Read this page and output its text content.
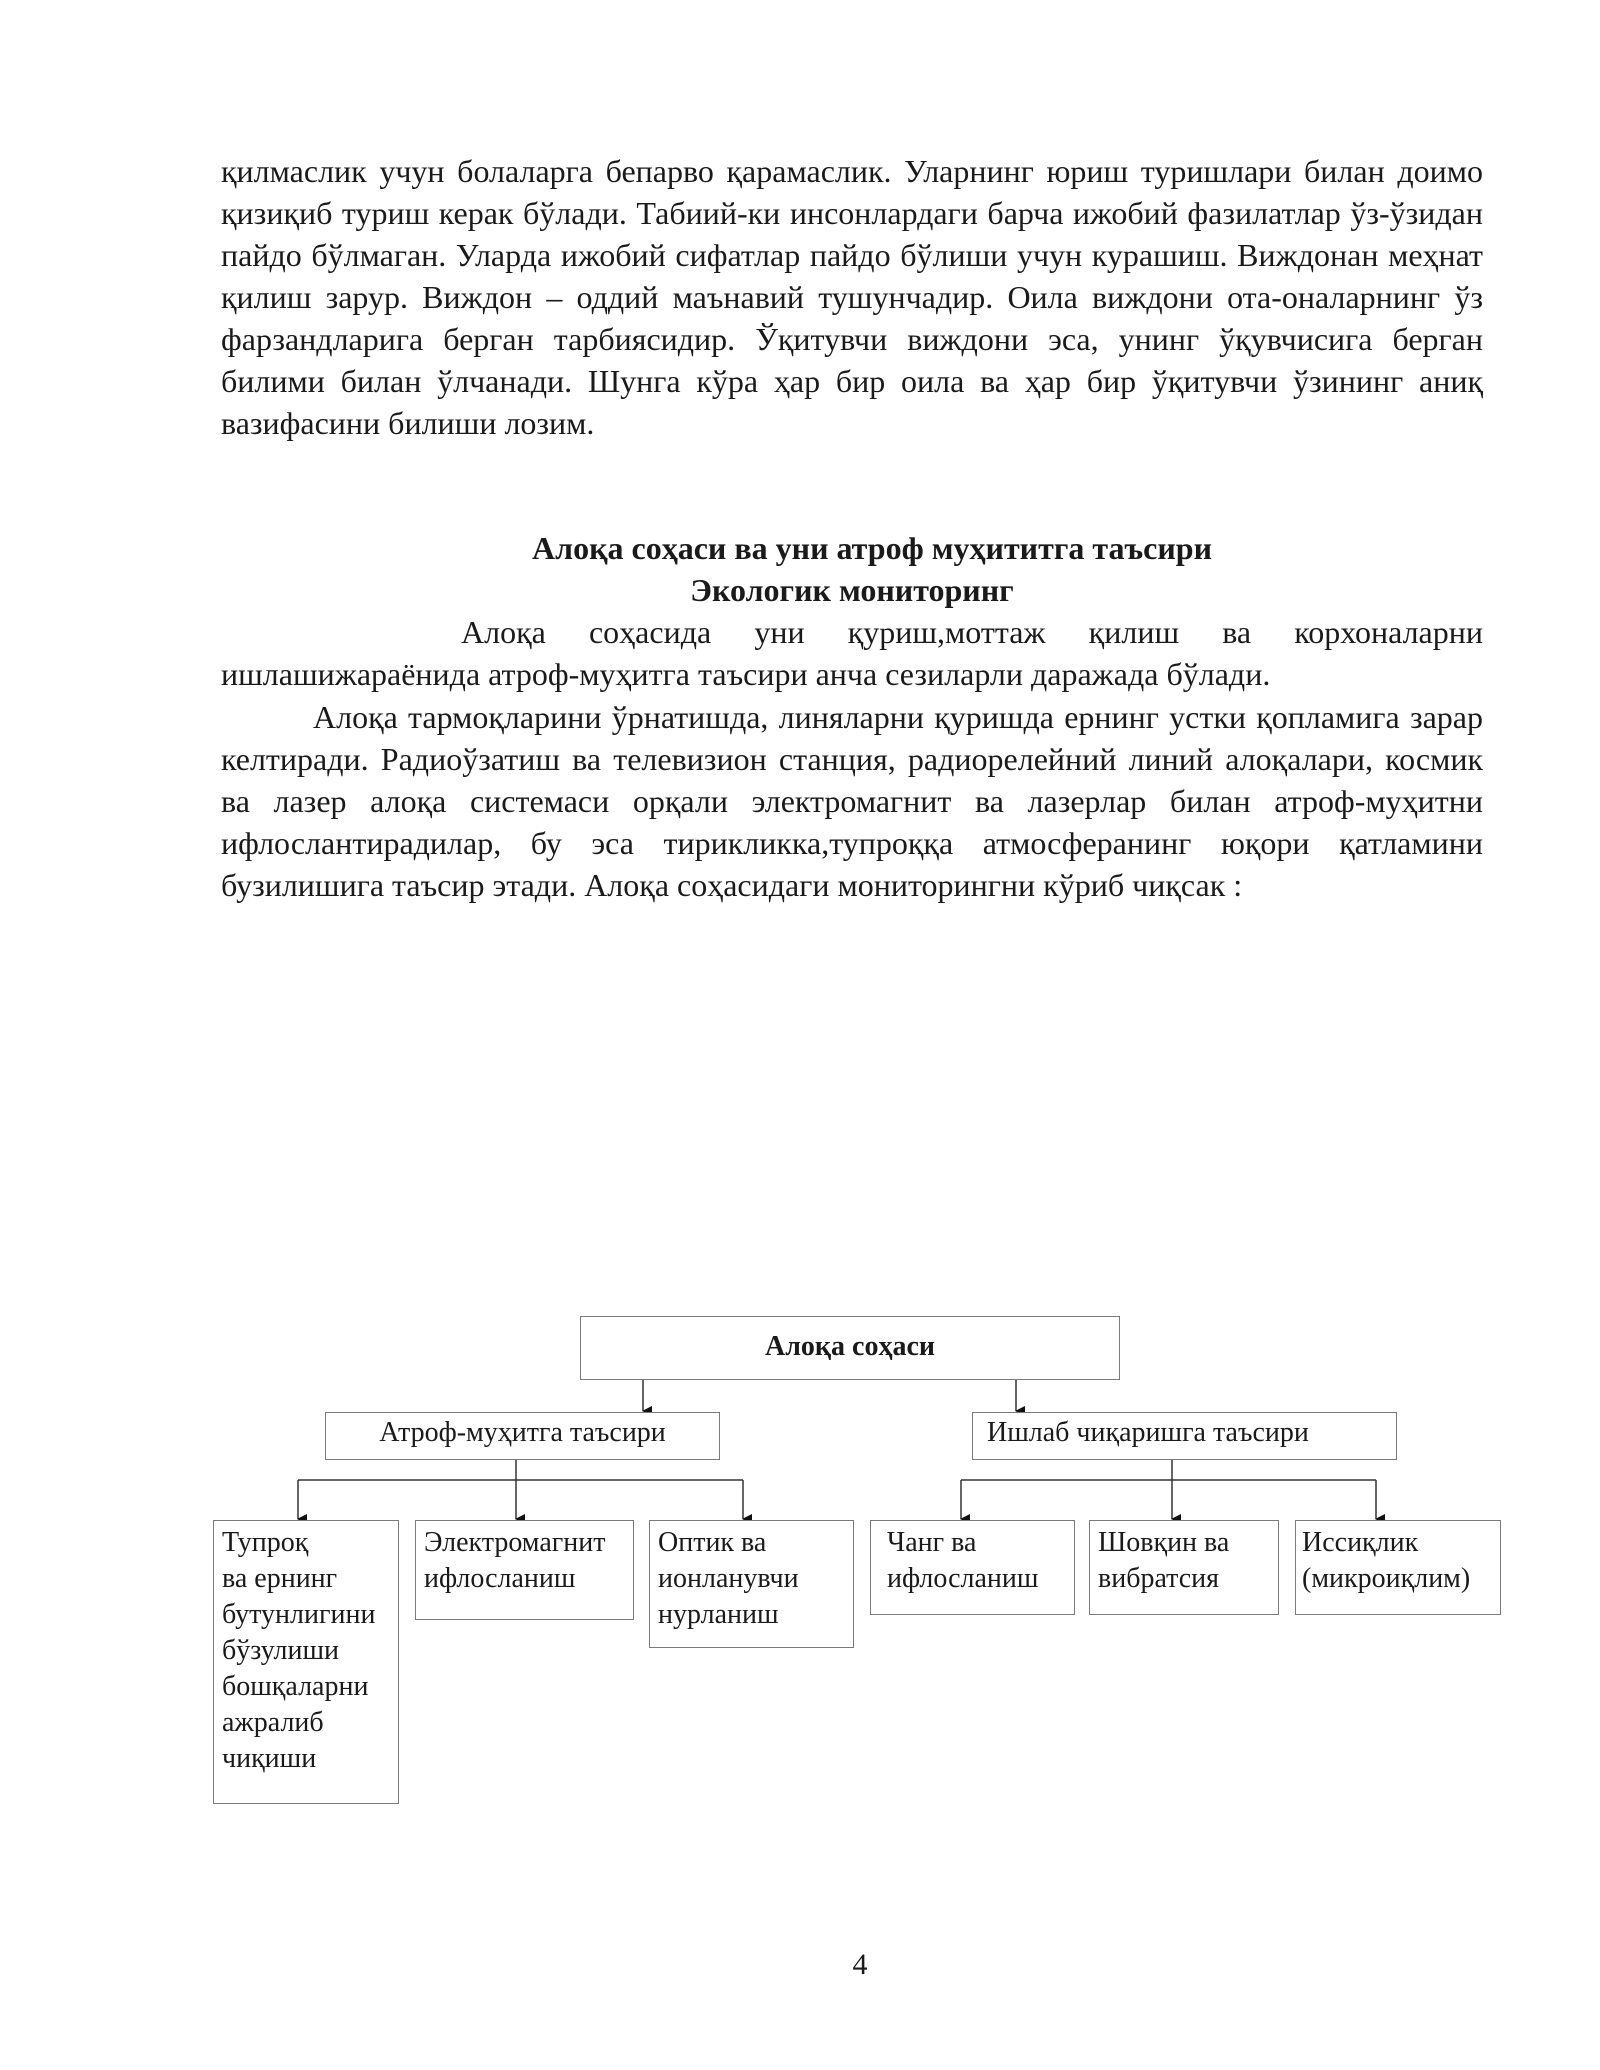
қилмаслик учун болаларга бепарво қарамаслик. Уларнинг юриш туришлари билан доимо қизиқиб туриш керак бўлади. Табиий-ки инсонлардаги барча ижобий фазилатлар ўз-ўзидан пайдо бўлмаган. Уларда ижобий сифатлар пайдо бўлиши учун курашиш. Виждонан меҳнат қилиш зарур. Виждон – оддий маънавий тушунчадир. Оила виждони ота-оналарнинг ўз фарзандларига берган тарбиясидир. Ўқитувчи виждони эса, унинг ўқувчисига берган билими билан ўлчанади. Шунга кўра ҳар бир оила ва ҳар бир ўқитувчи ўзининг аниқ вазифасини билиши лозим.

Алоқа соҳаси ва уни атроф муҳититга таъсири
Экологик мониторинг

Алоқа соҳасида уни қуриш,моттаж қилиш ва корхоналарни ишлашижараёнида атроф-муҳитга таъсири анча сезиларли даражада бўлади.

Алоқа тармоқларини ўрнатишда, линяларни қуришда ернинг устки қопламига зарар келтиради. Радиоўзатиш ва телевизион станция, радиорелейний линий алоқалари, космик ва лазер алоқа системаси орқали электромагнит ва лазерлар билан атроф-муҳитни ифлослантирадилар, бу эса тирикликка,тупроққа атмосферанинг юқори қатламини бузилишига таъсир этади. Алоқа соҳасидаги мониторингни кўриб чиқсак :

Алоқа соҳаси
Атроф-муҳитга таъсири	Ишлаб чиқаришга таъсири
Тупроқ
ва ернинг
бутунлигини
бўзулиши
бошқаларни
ажралиб
чиқиши
Электромагнит
ифлосланиш
Оптик ва
ионланувчи
нурланиш
Чанг ва
ифлосланиш
Шовқин ва
вибратсия
Иссиқлик
(микроиқлим)
4
